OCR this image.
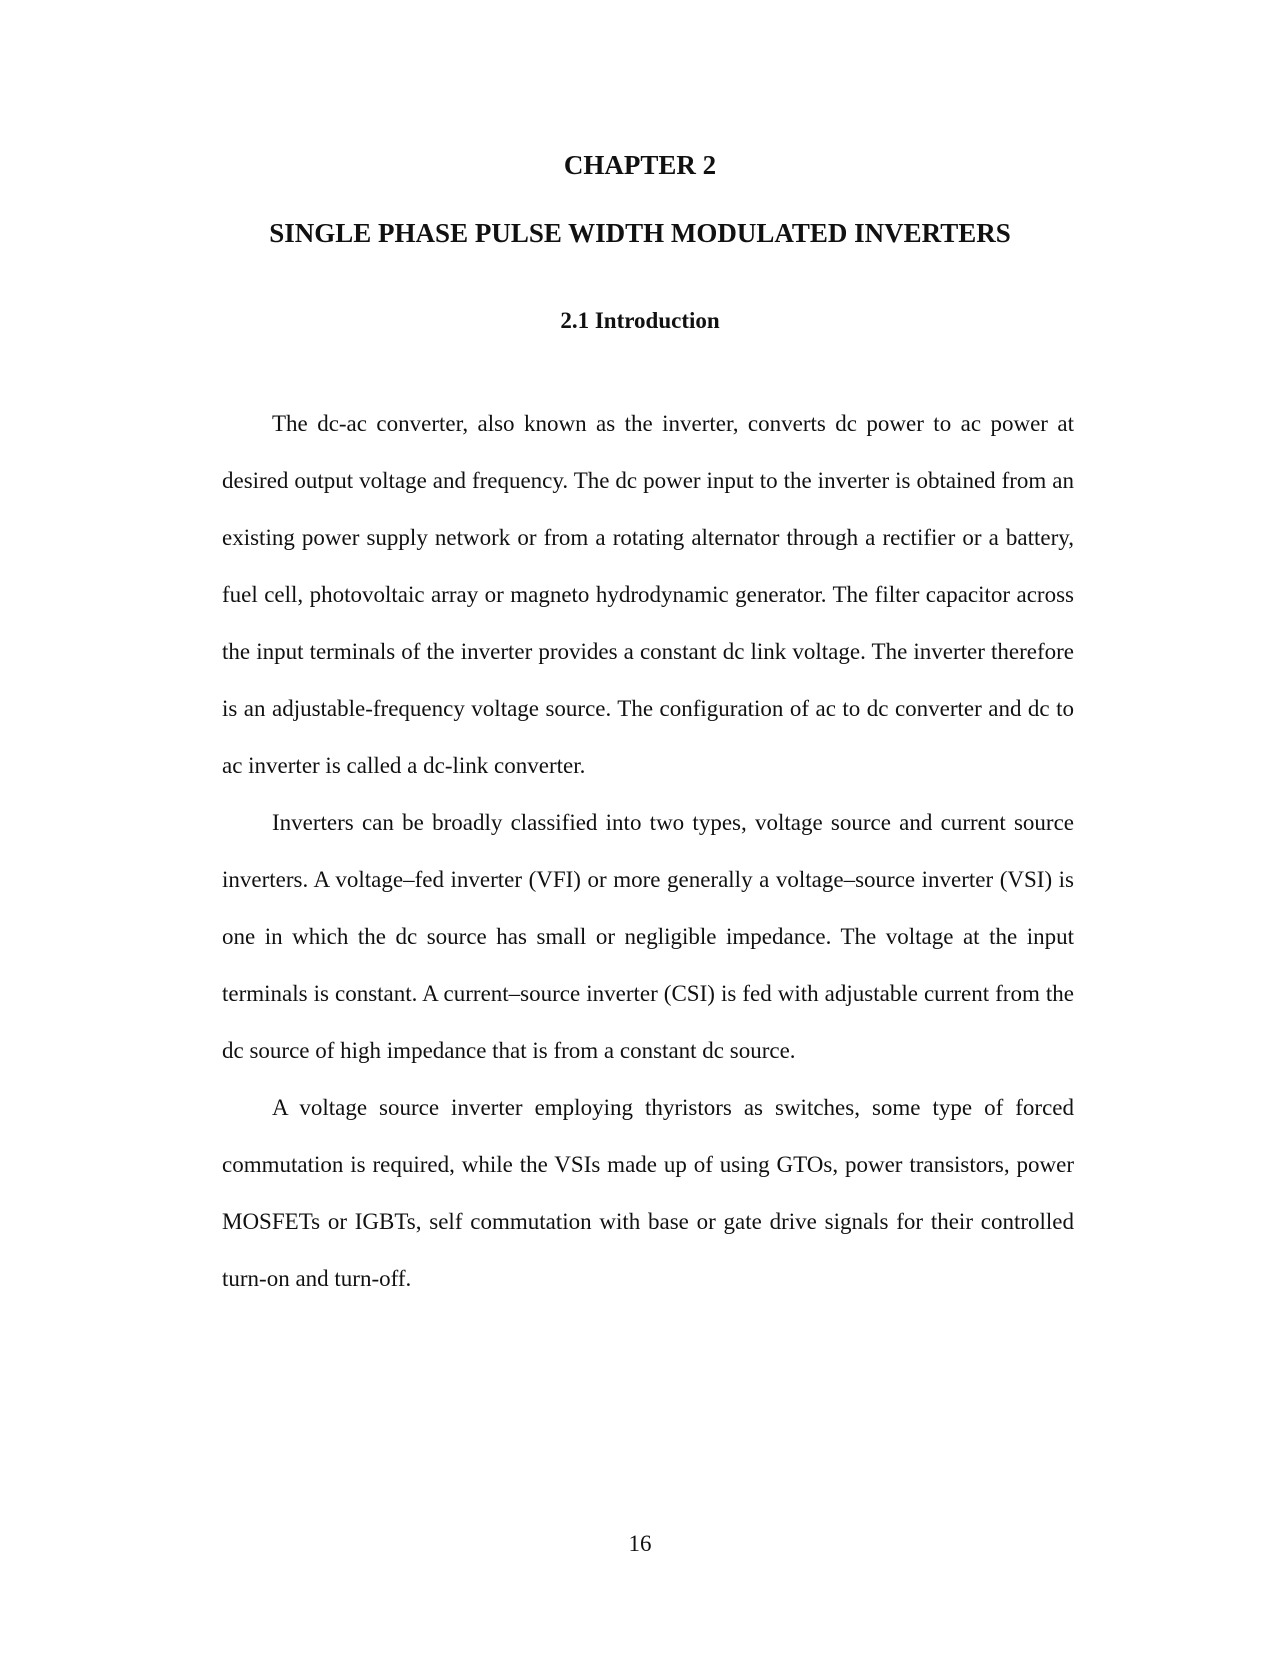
CHAPTER 2
SINGLE PHASE PULSE WIDTH MODULATED INVERTERS
2.1 Introduction

The dc-ac converter, also known as the inverter, converts dc power to ac power at desired output voltage and frequency. The dc power input to the inverter is obtained from an existing power supply network or from a rotating alternator through a rectifier or a battery, fuel cell, photovoltaic array or magneto hydrodynamic generator. The filter capacitor across the input terminals of the inverter provides a constant dc link voltage. The inverter therefore is an adjustable-frequency voltage source. The configuration of ac to dc converter and dc to ac inverter is called a dc-link converter.

Inverters can be broadly classified into two types, voltage source and current source inverters. A voltage–fed inverter (VFI) or more generally a voltage–source inverter (VSI) is one in which the dc source has small or negligible impedance. The voltage at the input terminals is constant. A current–source inverter (CSI) is fed with adjustable current from the dc source of high impedance that is from a constant dc source.

A voltage source inverter employing thyristors as switches, some type of forced commutation is required, while the VSIs made up of using GTOs, power transistors, power MOSFETs or IGBTs, self commutation with base or gate drive signals for their controlled turn-on and turn-off.

16
